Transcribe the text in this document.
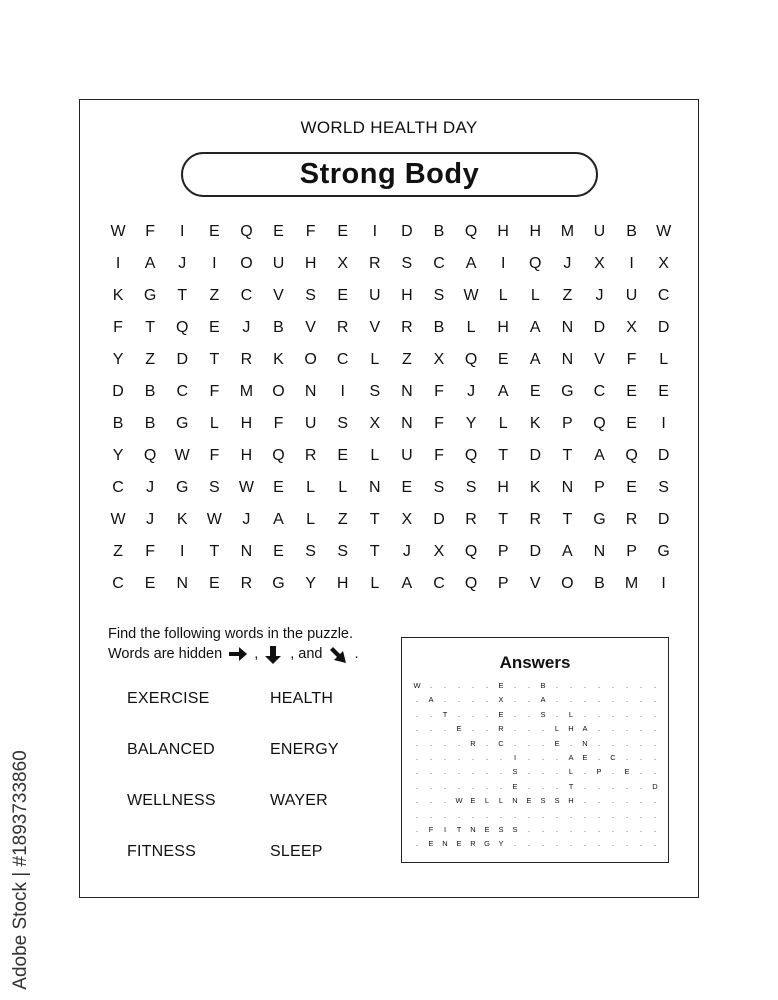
WORLD HEALTH DAY
Strong Body
W	F	I	E	Q	E	F	E	I	D	B	Q	H	H	M	U	B	W
I	A	J	I	O	U	H	X	R	S	C	A	I	Q	J	X	I	X
K	G	T	Z	C	V	S	E	U	H	S	W	L	L	Z	J	U	C
F	T	Q	E	J	B	V	R	V	R	B	L	H	A	N	D	X	D
Y	Z	D	T	R	K	O	C	L	Z	X	Q	E	A	N	V	F	L
D	B	C	F	M	O	N	I	S	N	F	J	A	E	G	C	E	E
B	B	G	L	H	F	U	S	X	N	F	Y	L	K	P	Q	E	I
Y	Q	W	F	H	Q	R	E	L	U	F	Q	T	D	T	A	Q	D
C	J	G	S	W	E	L	L	N	E	S	S	H	K	N	P	E	S
W	J	K	W	J	A	L	Z	T	X	D	R	T	R	T	G	R	D
Z	F	I	T	N	E	S	S	T	J	X	Q	P	D	A	N	P	G
C	E	N	E	R	G	Y	H	L	A	C	Q	P	V	O	B	M	I
Find the following words in the puzzle.
Words are hidden , , and .
EXERCISE	HEALTH
BALANCED	ENERGY
WELLNESS	WAYER
FITNESS	SLEEP
Answers
W	.	.	.	.	.	E	.	.	B	.	.	.	.	.	.	.	.
.	A	.	.	.	.	X	.	.	A	.	.	.	.	.	.	.	.
.	.	T	.	.	.	E	.	.	S	.	L	.	.	.	.	.	.
.	.	.	E	.	.	R	.	.	.	L	H	A	.	.	.	.	.
.	.	.	.	R	.	C	.	.	.	E	.	N	.	.	.	.	.
.	.	.	.	.	.	.	I	.	.	.	A	E	.	C	.	.	.
.	.	.	.	.	.	.	S	.	.	.	L	.	P	.	E	.	.
.	.	.	.	.	.	.	E	.	.	.	T	.	.	.	.	.	D
.	.	.	W	E	L	L	N	E	S	S	H	.	.	.	.	.	.
.	.	.	.	.	.	.	.	.	.	.	.	.	.	.	.	.	.
.	F	I	T	N	E	S	S	.	.	.	.	.	.	.	.	.	.
.	E	N	E	R	G	Y	.	.	.	.	.	.	.	.	.	.	.
Adobe Stock | #1893733860
